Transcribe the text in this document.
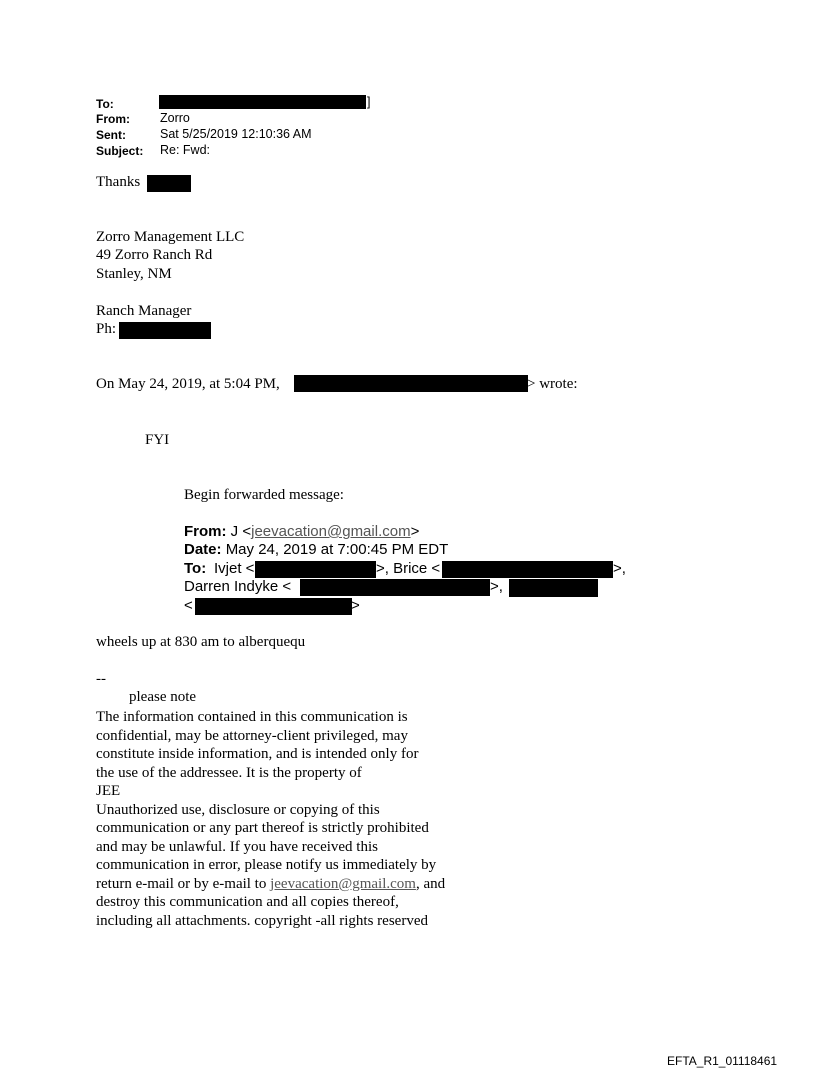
To:	]
From: Zorro
Sent:	Sat 5/25/2019 12:10:36 AM
Subject: Re: Fwd:
Thanks
Zorro Management LLC
49 Zorro Ranch Rd
Stanley, NM
Ranch Manager
Ph:
On May 24, 2019, at 5:04 PM,	> wrote:
FYI
Begin forwarded message:
From: J <jeevacation@gmail.com>
Date: May 24, 2019 at 7:00:45 PM EDT
To: Ivjet <	>, Brice <	>,
Darren Indyke <	>,
<	>
wheels up at 830 am to alberquequ
--
please note
The information contained in this communication is
confidential, may be attorney-client privileged, may
constitute inside information, and is intended only for
the use of the addressee. It is the property of
JEE
Unauthorized use, disclosure or copying of this
communication or any part thereof is strictly prohibited
and may be unlawful. If you have received this
communication in error, please notify us immediately by
return e-mail or by e-mail to jeevacation@gmail.com, and
destroy this communication and all copies thereof,
including all attachments. copyright -all rights reserved
EFTA_R1_01118461
